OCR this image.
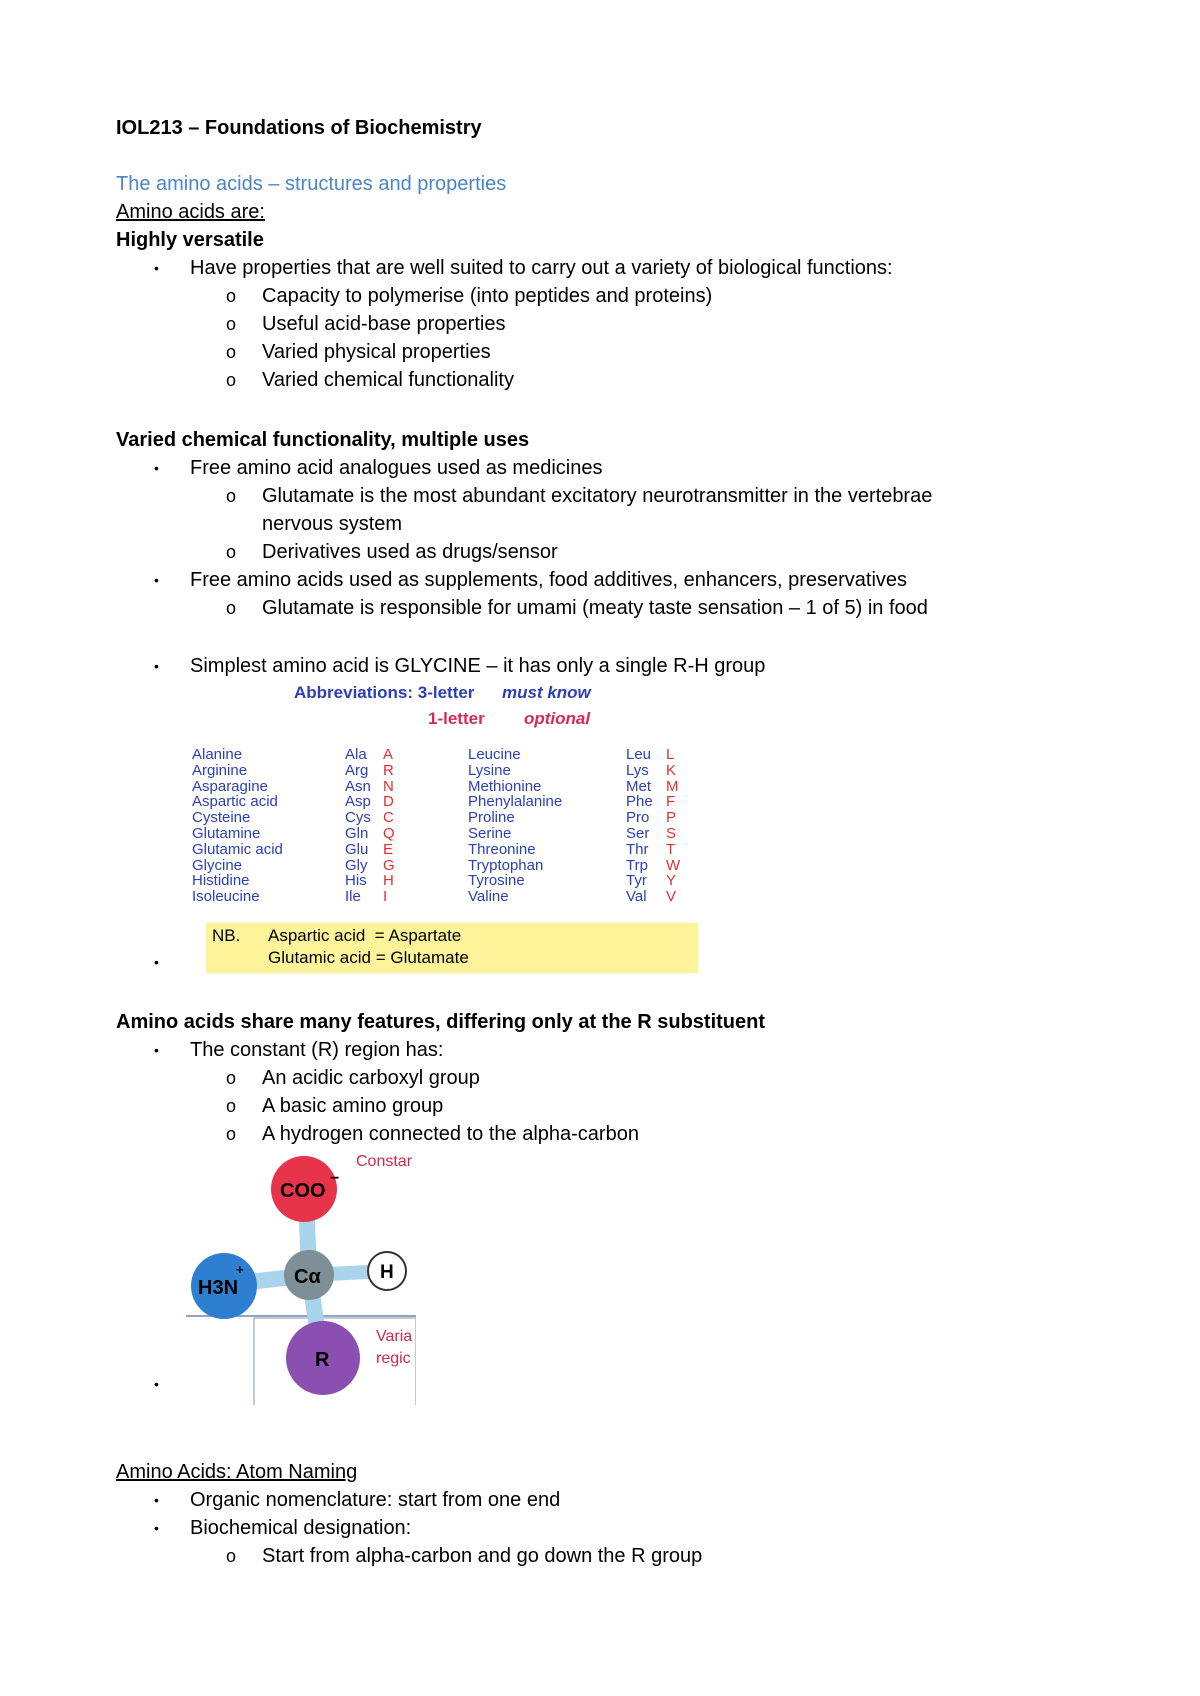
IOL213 – Foundations of Biochemistry
The amino acids – structures and properties
Amino acids are:
Highly versatile
• Have properties that are well suited to carry out a variety of biological functions:
o Capacity to polymerise (into peptides and proteins)
o Useful acid-base properties
o Varied physical properties
o Varied chemical functionality
Varied chemical functionality, multiple uses
• Free amino acid analogues used as medicines
o Glutamate is the most abundant excitatory neurotransmitter in the vertebrae
nervous system
o Derivatives used as drugs/sensor
• Free amino acids used as supplements, food additives, enhancers, preservatives
o Glutamate is responsible for umami (meaty taste sensation – 1 of 5) in food
• Simplest amino acid is GLYCINE – it has only a single R-H group
Abbreviations: 3-letter must know
1-letter optional
Alanine
Arginine
Asparagine
Aspartic acid
Cysteine
Glutamine
Glutamic acid
Glycine
Histidine
Isoleucine
Ala
Arg
Asn
Asp
Cys
Gln
Glu
Gly
His
Ile
A
R
N
D
C
Q
E
G
H
I
Leucine
Lysine
Methionine
Phenylalanine
Proline
Serine
Threonine
Tryptophan
Tyrosine
Valine
Leu
Lys
Met
Phe
Pro
Ser
Thr
Trp
Tyr
Val
L
K
M
F
P
S
T
W
Y
V
NB. Aspartic acid  = Aspartate
Glutamic acid = Glutamate
•
Amino acids share many features, differing only at the R substituent
• The constant (R) region has:
o An acidic carboxyl group
o A basic amino group
o A hydrogen connected to the alpha-carbon
COO
−
H3N
+	Cα	H
R
Constar
Varia
regic
•
Amino Acids: Atom Naming
• Organic nomenclature: start from one end
• Biochemical designation:
o Start from alpha-carbon and go down the R group
